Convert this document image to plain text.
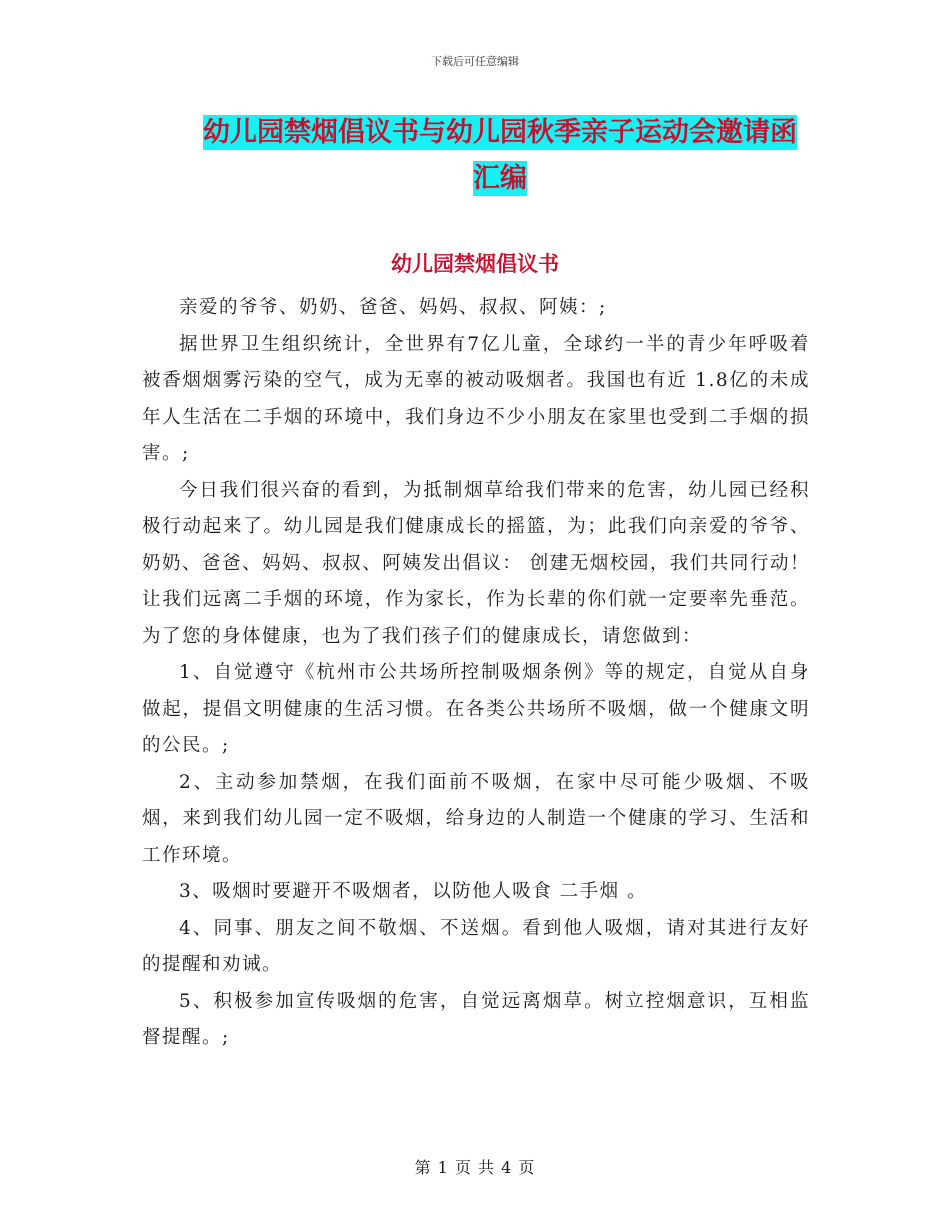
下载后可任意编辑
幼儿园禁烟倡议书与幼儿园秋季亲子运动会邀请函汇编
幼儿园禁烟倡议书

亲爱的爷爷、奶奶、爸爸、妈妈、叔叔、阿姨：;

据世界卫生组织统计，全世界有7亿儿童，全球约一半的青少年呼吸着被香烟烟雾污染的空气，成为无辜的被动吸烟者。我国也有近 1.8亿的未成年人生活在二手烟的环境中，我们身边不少小朋友在家里也受到二手烟的损害。;

今日我们很兴奋的看到，为抵制烟草给我们带来的危害，幼儿园已经积极行动起来了。幼儿园是我们健康成长的摇篮，为；此我们向亲爱的爷爷、奶奶、爸爸、妈妈、叔叔、阿姨发出倡议： 创建无烟校园，我们共同行动！让我们远离二手烟的环境，作为家长，作为长辈的你们就一定要率先垂范。为了您的身体健康，也为了我们孩子们的健康成长，请您做到：

1、自觉遵守《杭州市公共场所控制吸烟条例》等的规定，自觉从自身做起，提倡文明健康的生活习惯。在各类公共场所不吸烟，做一个健康文明的公民。;

2、主动参加禁烟，在我们面前不吸烟，在家中尽可能少吸烟、不吸烟，来到我们幼儿园一定不吸烟，给身边的人制造一个健康的学习、生活和工作环境。

3、吸烟时要避开不吸烟者，以防他人吸食 二手烟 。

4、同事、朋友之间不敬烟、不送烟。看到他人吸烟，请对其进行友好的提醒和劝诫。

5、积极参加宣传吸烟的危害，自觉远离烟草。树立控烟意识，互相监督提醒。;

第 1 页 共 4 页
